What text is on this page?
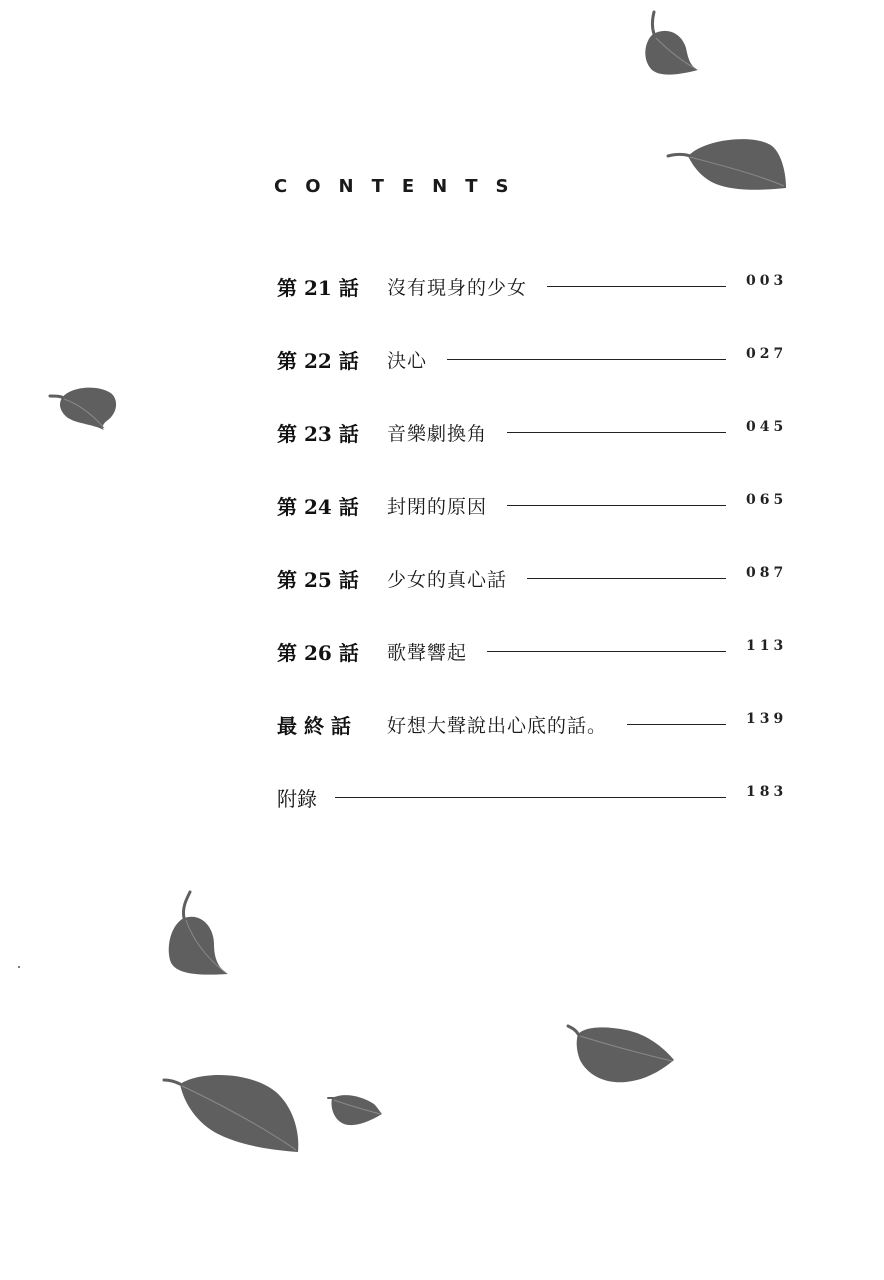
CONTENTS
第 21 話	沒有現身的少女	003
第 22 話	決心	027
第 23 話	音樂劇換角	045
第 24 話	封閉的原因	065
第 25 話	少女的真心話	087
第 26 話	歌聲響起	113
最 終 話	好想大聲說出心底的話。	139
附錄	183
